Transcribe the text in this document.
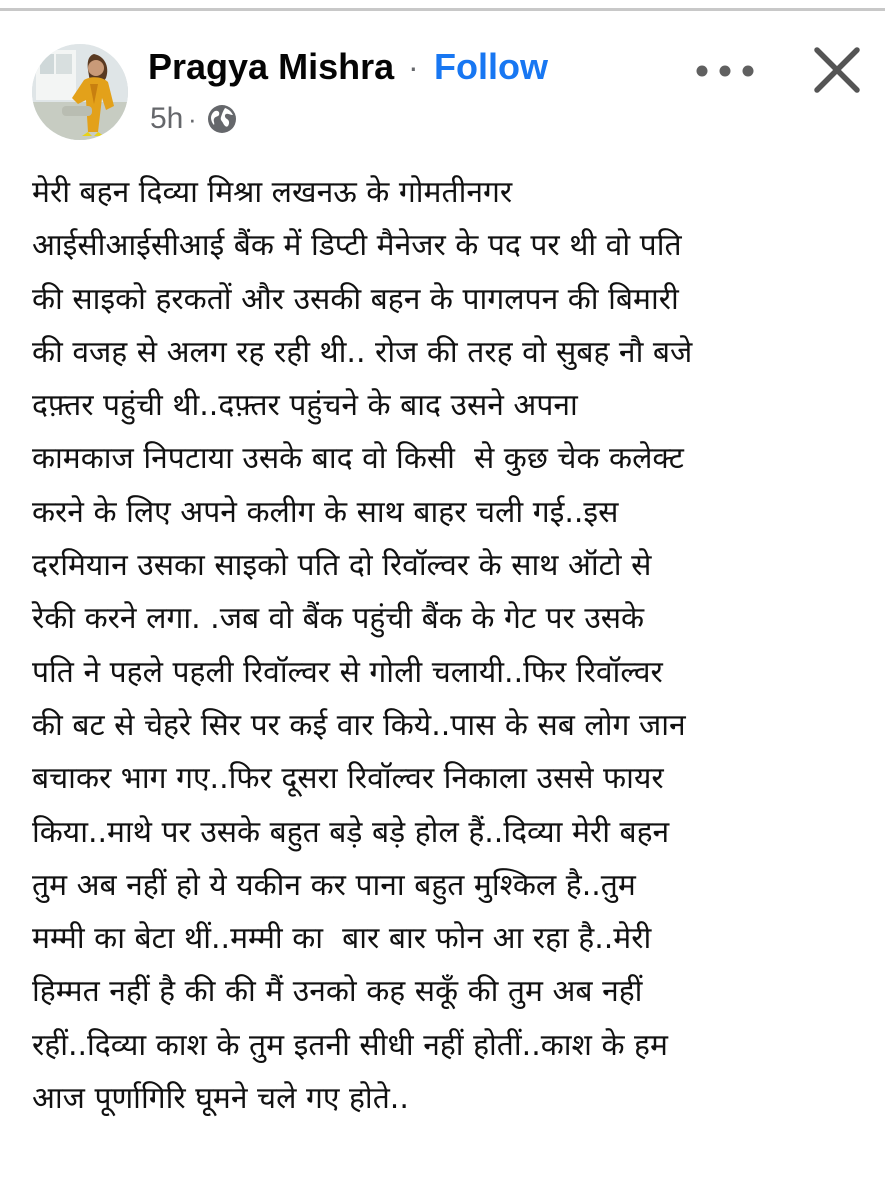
Pragya Mishra · Follow
5h ·

मेरी बहन दिव्या मिश्रा लखनऊ के गोमतीनगर

आईसीआईसीआई बैंक में डिप्टी मैनेजर के पद पर थी वो पति

की साइको हरकतों और उसकी बहन के पागलपन की बिमारी

की वजह से अलग रह रही थी.. रोज की तरह वो सुबह नौ बजे

दफ़्तर पहुंची थी..दफ़्तर पहुंचने के बाद उसने अपना

कामकाज निपटाया उसके बाद वो किसी  से कुछ चेक कलेक्ट

करने के लिए अपने कलीग के साथ बाहर चली गई..इस

दरमियान उसका साइको पति दो रिवॉल्वर के साथ ऑटो से

रेकी करने लगा. .जब वो बैंक पहुंची बैंक के गेट पर उसके

पति ने पहले पहली रिवॉल्वर से गोली चलायी..फिर रिवॉल्वर

की बट से चेहरे सिर पर कई वार किये..पास के सब लोग जान

बचाकर भाग गए..फिर दूसरा रिवॉल्वर निकाला उससे फायर

किया..माथे पर उसके बहुत बड़े बड़े होल हैं..दिव्या मेरी बहन

तुम अब नहीं हो ये यकीन कर पाना बहुत मुश्किल है..तुम

मम्मी का बेटा थीं..मम्मी का  बार बार फोन आ रहा है..मेरी

हिम्मत नहीं है की की मैं उनको कह सकूँ की तुम अब नहीं

रहीं..दिव्या काश के तुम इतनी सीधी नहीं होतीं..काश के हम

आज पूर्णागिरि घूमने चले गए होते..
